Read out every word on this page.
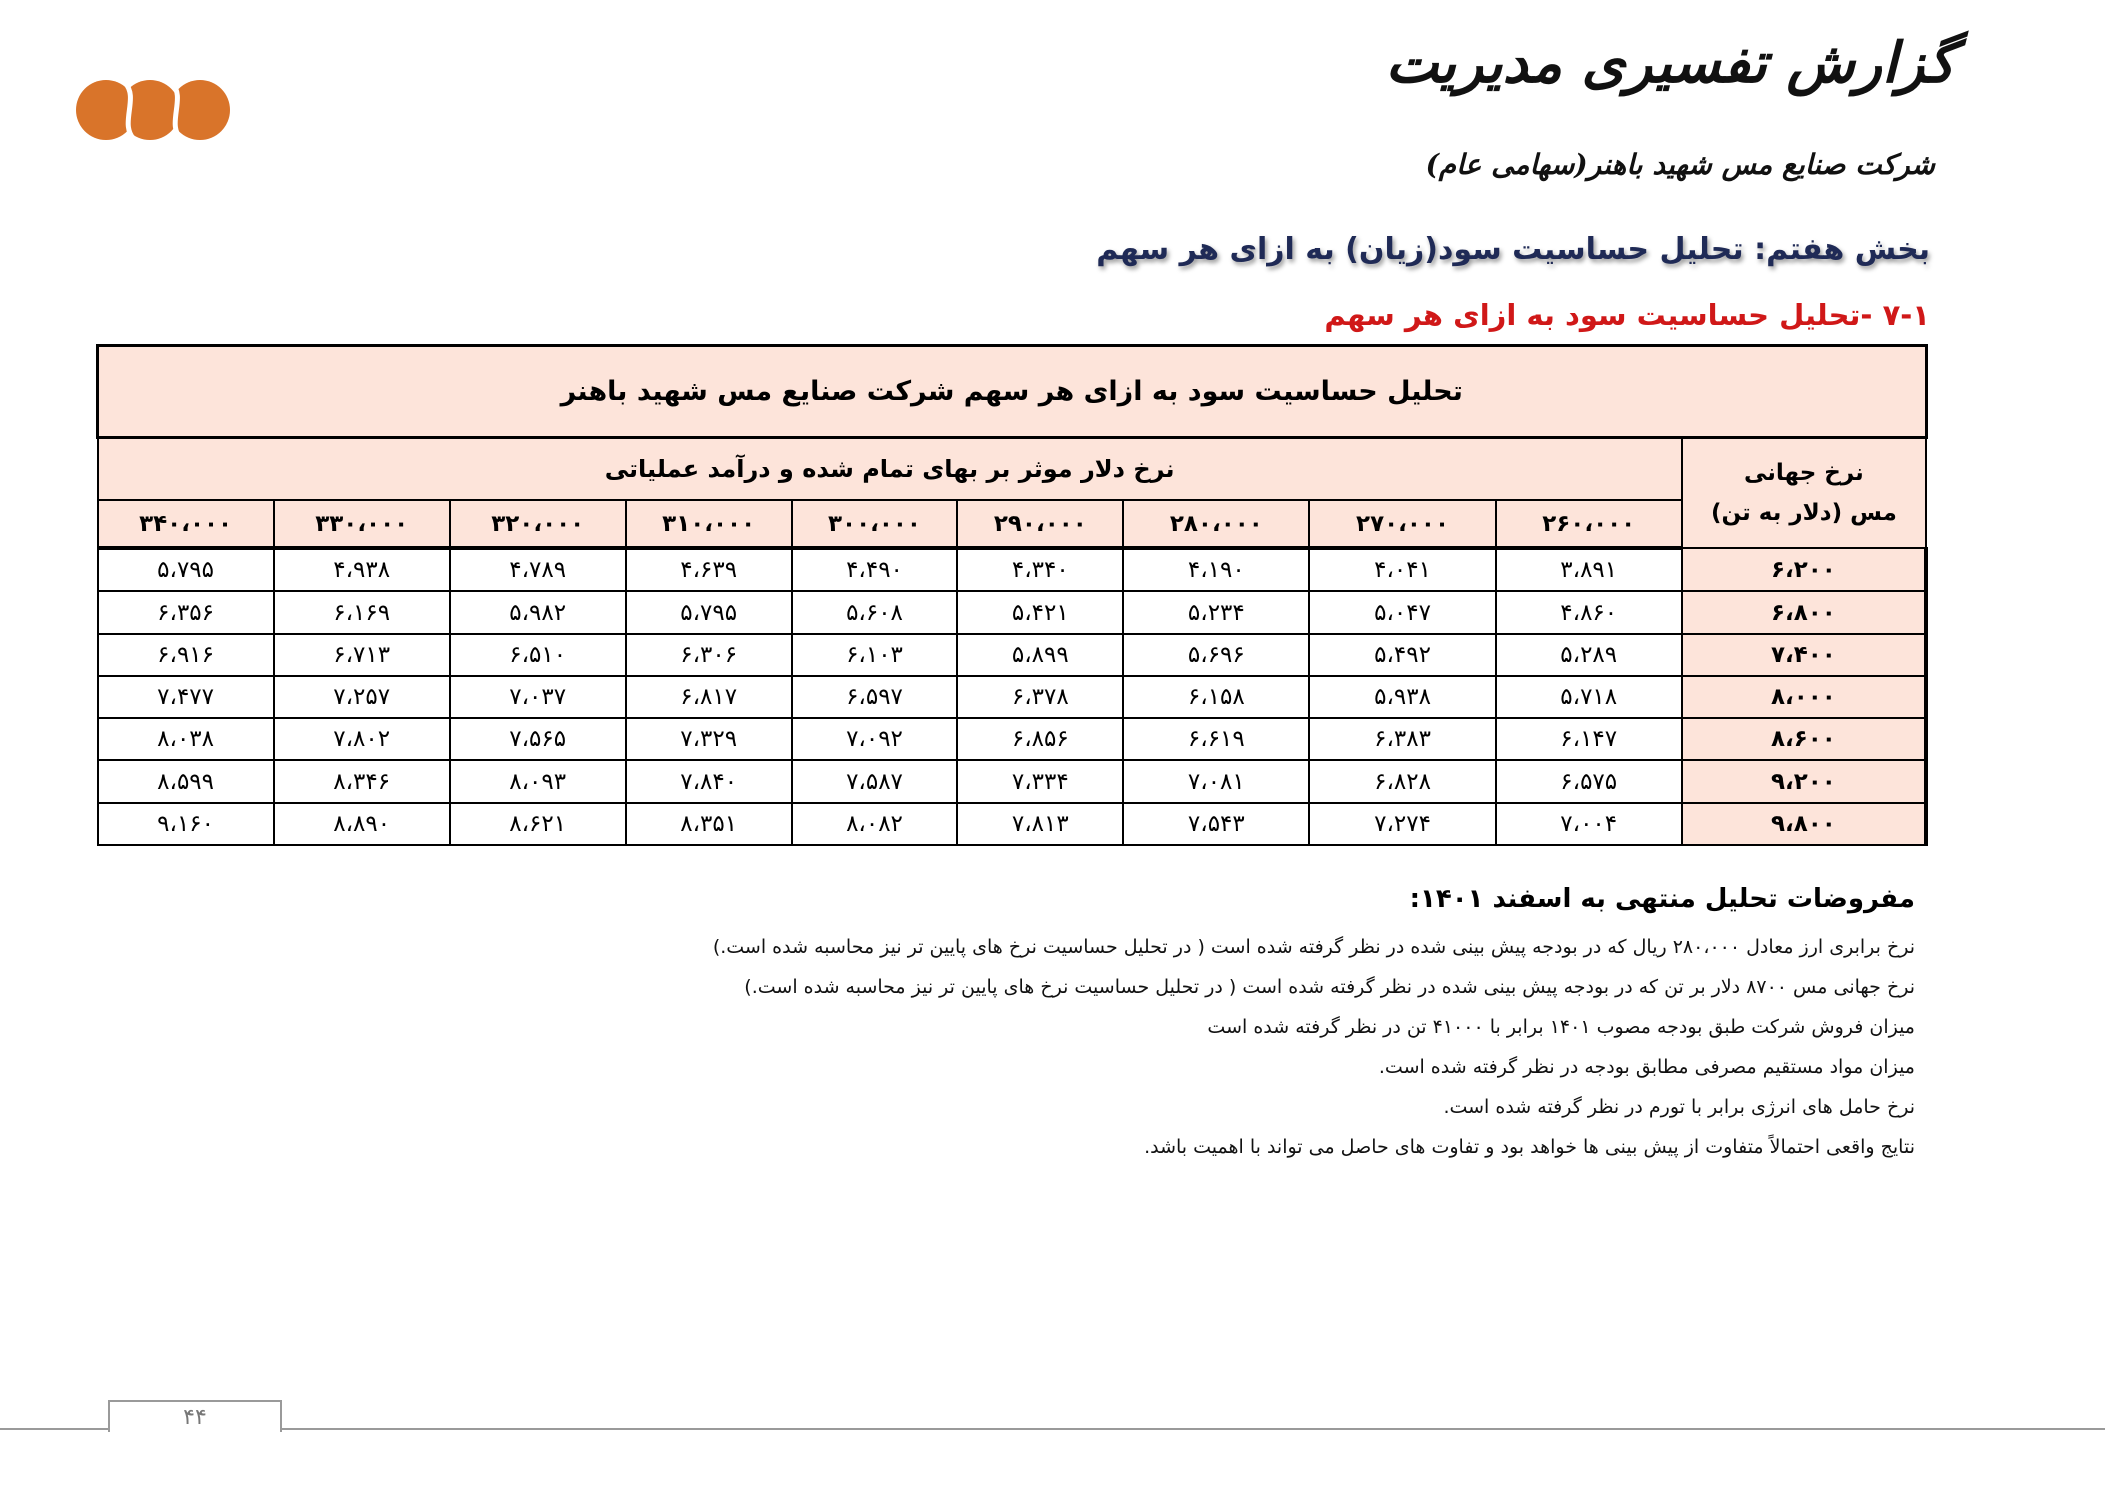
گزارش تفسیری مدیریت
شرکت صنایع مس شهید باهنر(سهامی عام)
بخش هفتم: تحلیل حساسیت سود(زیان) به ازای هر سهم
۷-۱ -تحلیل حساسیت سود به ازای هر سهم
تحلیل حساسیت سود به ازای هر سهم شرکت صنایع مس شهید باهنر									

نرخ جهانی
مس (دلار به تن)	نرخ دلار موثر بر بهای تمام شده و درآمد عملیاتی								
	۲۶۰،۰۰۰	۲۷۰،۰۰۰	۲۸۰،۰۰۰	۲۹۰،۰۰۰	۳۰۰،۰۰۰	۳۱۰،۰۰۰	۳۲۰،۰۰۰	۳۳۰،۰۰۰	۳۴۰،۰۰۰
۶،۲۰۰	۳،۸۹۱	۴،۰۴۱	۴،۱۹۰	۴،۳۴۰	۴،۴۹۰	۴،۶۳۹	۴،۷۸۹	۴،۹۳۸	۵،۷۹۵
۶،۸۰۰	۴،۸۶۰	۵،۰۴۷	۵،۲۳۴	۵،۴۲۱	۵،۶۰۸	۵،۷۹۵	۵،۹۸۲	۶،۱۶۹	۶،۳۵۶
۷،۴۰۰	۵،۲۸۹	۵،۴۹۲	۵،۶۹۶	۵،۸۹۹	۶،۱۰۳	۶،۳۰۶	۶،۵۱۰	۶،۷۱۳	۶،۹۱۶
۸،۰۰۰	۵،۷۱۸	۵،۹۳۸	۶،۱۵۸	۶،۳۷۸	۶،۵۹۷	۶،۸۱۷	۷،۰۳۷	۷،۲۵۷	۷،۴۷۷
۸،۶۰۰	۶،۱۴۷	۶،۳۸۳	۶،۶۱۹	۶،۸۵۶	۷،۰۹۲	۷،۳۲۹	۷،۵۶۵	۷،۸۰۲	۸،۰۳۸
۹،۲۰۰	۶،۵۷۵	۶،۸۲۸	۷،۰۸۱	۷،۳۳۴	۷،۵۸۷	۷،۸۴۰	۸،۰۹۳	۸،۳۴۶	۸،۵۹۹
۹،۸۰۰	۷،۰۰۴	۷،۲۷۴	۷،۵۴۳	۷،۸۱۳	۸،۰۸۲	۸،۳۵۱	۸،۶۲۱	۸،۸۹۰	۹،۱۶۰
مفروضات تحلیل منتهی به اسفند ۱۴۰۱:
نرخ برابری ارز معادل ۲۸۰،۰۰۰ ریال که در بودجه پیش بینی شده در نظر گرفته شده است ( در تحلیل حساسیت نرخ های پایین تر نیز محاسبه شده است.)
نرخ جهانی مس ۸۷۰۰ دلار بر تن که در بودجه پیش بینی شده در نظر گرفته شده است ( در تحلیل حساسیت نرخ های پایین تر نیز محاسبه شده است.)
میزان فروش شرکت طبق بودجه مصوب ۱۴۰۱ برابر با ۴۱۰۰۰ تن در نظر گرفته شده است
میزان مواد مستقیم مصرفی مطابق بودجه در نظر گرفته شده است.
نرخ حامل های انرژی برابر با تورم در نظر گرفته شده است.
نتایج واقعی احتمالاً متفاوت از پیش بینی ها خواهد بود و تفاوت های حاصل می تواند با اهمیت باشد.
۴۴
